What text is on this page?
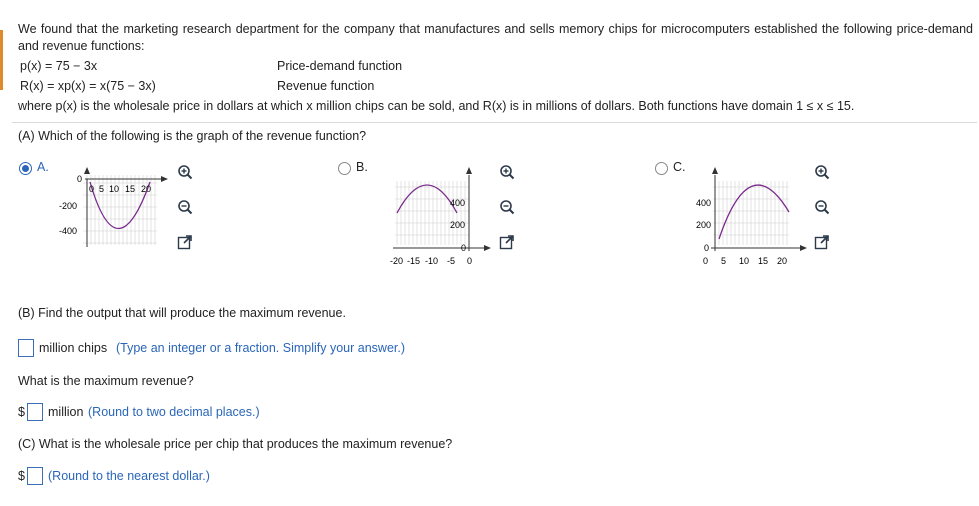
We found that the marketing research department for the company that manufactures and sells memory chips for microcomputers established the following price-demand and revenue functions:
p(x) = 75 − 3x	Price-demand function
R(x) = xp(x) = x(75 − 3x)	Revenue function
where p(x) is the wholesale price in dollars at which x million chips can be sold, and R(x) is in millions of dollars. Both functions have domain 1 ≤ x ≤ 15.
(A) Which of the following is the graph of the revenue function?
A.
0
-200
-400
0 5 10 15 20
B.
400
200
0
-20 -15 -10 -5 0
C.
400
200
0
0 5 10 15 20
(B) Find the output that will produce the maximum revenue.
million chips (Type an integer or a fraction. Simplify your answer.)
What is the maximum revenue?
$ million (Round to two decimal places.)
(C) What is the wholesale price per chip that produces the maximum revenue?
$ (Round to the nearest dollar.)
